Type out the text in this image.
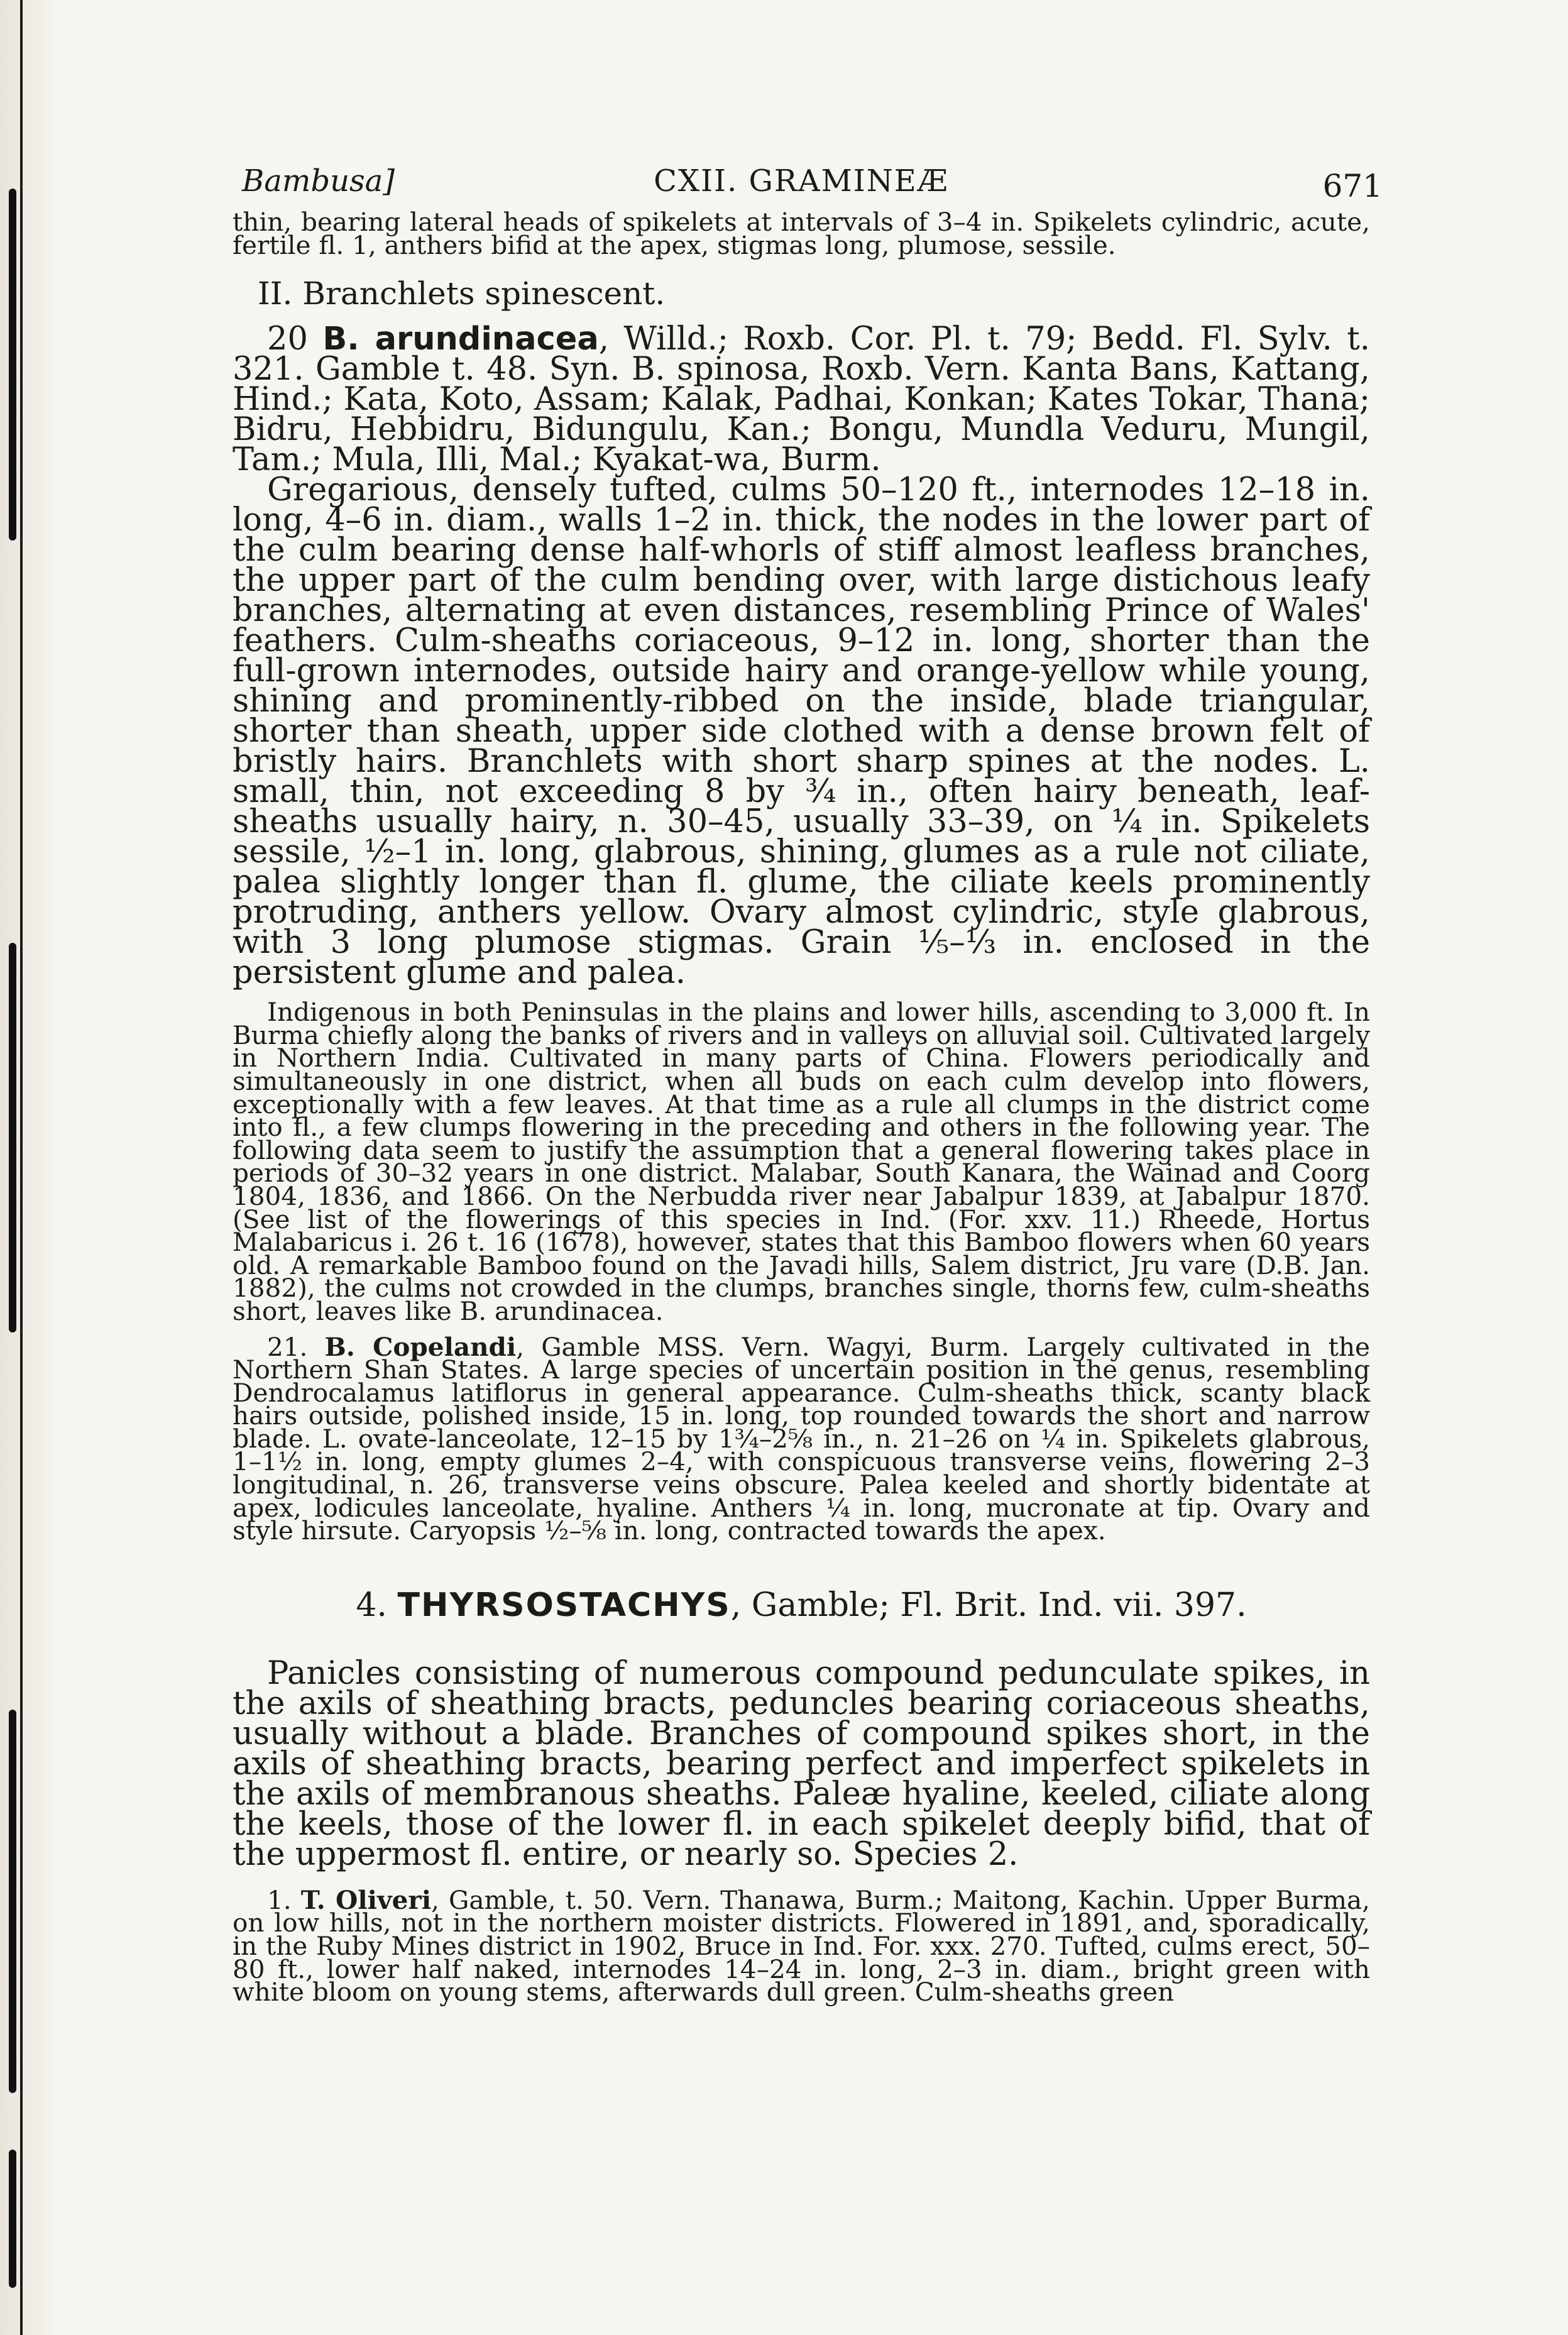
Bambusa]	CXII. GRAMINEÆ	671

thin, bearing lateral heads of spikelets at intervals of 3–4 in. Spikelets cylindric, acute, fertile fl. 1, anthers bifid at the apex, stigmas long, plumose, sessile.

II. Branchlets spinescent.

20 B. arundinacea, Willd.; Roxb. Cor. Pl. t. 79; Bedd. Fl. Sylv. t. 321. Gamble t. 48. Syn. B. spinosa, Roxb. Vern. Kanta Bans, Kattang, Hind.; Kata, Koto, Assam; Kalak, Padhai, Konkan; Kates Tokar, Thana; Bidru, Hebbidru, Bidungulu, Kan.; Bongu, Mundla Veduru, Mungil, Tam.; Mula, Illi, Mal.; Kyakat-wa, Burm.

Gregarious, densely tufted, culms 50–120 ft., internodes 12–18 in. long, 4–6 in. diam., walls 1–2 in. thick, the nodes in the lower part of the culm bearing dense half-whorls of stiff almost leafless branches, the upper part of the culm bending over, with large distichous leafy branches, alternating at even distances, resembling Prince of Wales' feathers. Culm-sheaths coriaceous, 9–12 in. long, shorter than the full-grown internodes, outside hairy and orange-yellow while young, shining and prominently-ribbed on the inside, blade triangular, shorter than sheath, upper side clothed with a dense brown felt of bristly hairs. Branchlets with short sharp spines at the nodes. L. small, thin, not exceeding 8 by ¾ in., often hairy beneath, leaf-sheaths usually hairy, n. 30–45, usually 33–39, on ¼ in. Spikelets sessile, ½–1 in. long, glabrous, shining, glumes as a rule not ciliate, palea slightly longer than fl. glume, the ciliate keels prominently protruding, anthers yellow. Ovary almost cylindric, style glabrous, with 3 long plumose stigmas. Grain ⅕–⅓ in. enclosed in the persistent glume and palea.

Indigenous in both Peninsulas in the plains and lower hills, ascending to 3,000 ft. In Burma chiefly along the banks of rivers and in valleys on alluvial soil. Cultivated largely in Northern India. Cultivated in many parts of China. Flowers periodically and simultaneously in one district, when all buds on each culm develop into flowers, exceptionally with a few leaves. At that time as a rule all clumps in the district come into fl., a few clumps flowering in the preceding and others in the following year. The following data seem to justify the assumption that a general flowering takes place in periods of 30–32 years in one district. Malabar, South Kanara, the Wainad and Coorg 1804, 1836, and 1866. On the Nerbudda river near Jabalpur 1839, at Jabalpur 1870. (See list of the flowerings of this species in Ind. (For. xxv. 11.) Rheede, Hortus Malabaricus i. 26 t. 16 (1678), however, states that this Bamboo flowers when 60 years old. A remarkable Bamboo found on the Javadi hills, Salem district, Jru vare (D.B. Jan. 1882), the culms not crowded in the clumps, branches single, thorns few, culm-sheaths short, leaves like B. arundinacea.

21. B. Copelandi, Gamble MSS. Vern. Wagyi, Burm. Largely cultivated in the Northern Shan States. A large species of uncertain position in the genus, resembling Dendrocalamus latiflorus in general appearance. Culm-sheaths thick, scanty black hairs outside, polished inside, 15 in. long, top rounded towards the short and narrow blade. L. ovate-lanceolate, 12–15 by 1¾–2⅝ in., n. 21–26 on ¼ in. Spikelets glabrous, 1–1½ in. long, empty glumes 2–4, with conspicuous transverse veins, flowering 2–3 longitudinal, n. 26, transverse veins obscure. Palea keeled and shortly bidentate at apex, lodicules lanceolate, hyaline. Anthers ¼ in. long, mucronate at tip. Ovary and style hirsute. Caryopsis ½–⅝ in. long, contracted towards the apex.

4. THYRSOSTACHYS, Gamble; Fl. Brit. Ind. vii. 397.

Panicles consisting of numerous compound pedunculate spikes, in the axils of sheathing bracts, peduncles bearing coriaceous sheaths, usually without a blade. Branches of compound spikes short, in the axils of sheathing bracts, bearing perfect and imperfect spikelets in the axils of membranous sheaths. Paleæ hyaline, keeled, ciliate along the keels, those of the lower fl. in each spikelet deeply bifid, that of the uppermost fl. entire, or nearly so. Species 2.

1. T. Oliveri, Gamble, t. 50. Vern. Thanawa, Burm.; Maitong, Kachin. Upper Burma, on low hills, not in the northern moister districts. Flowered in 1891, and, sporadically, in the Ruby Mines district in 1902, Bruce in Ind. For. xxx. 270. Tufted, culms erect, 50–80 ft., lower half naked, internodes 14–24 in. long, 2–3 in. diam., bright green with white bloom on young stems, afterwards dull green. Culm-sheaths green
